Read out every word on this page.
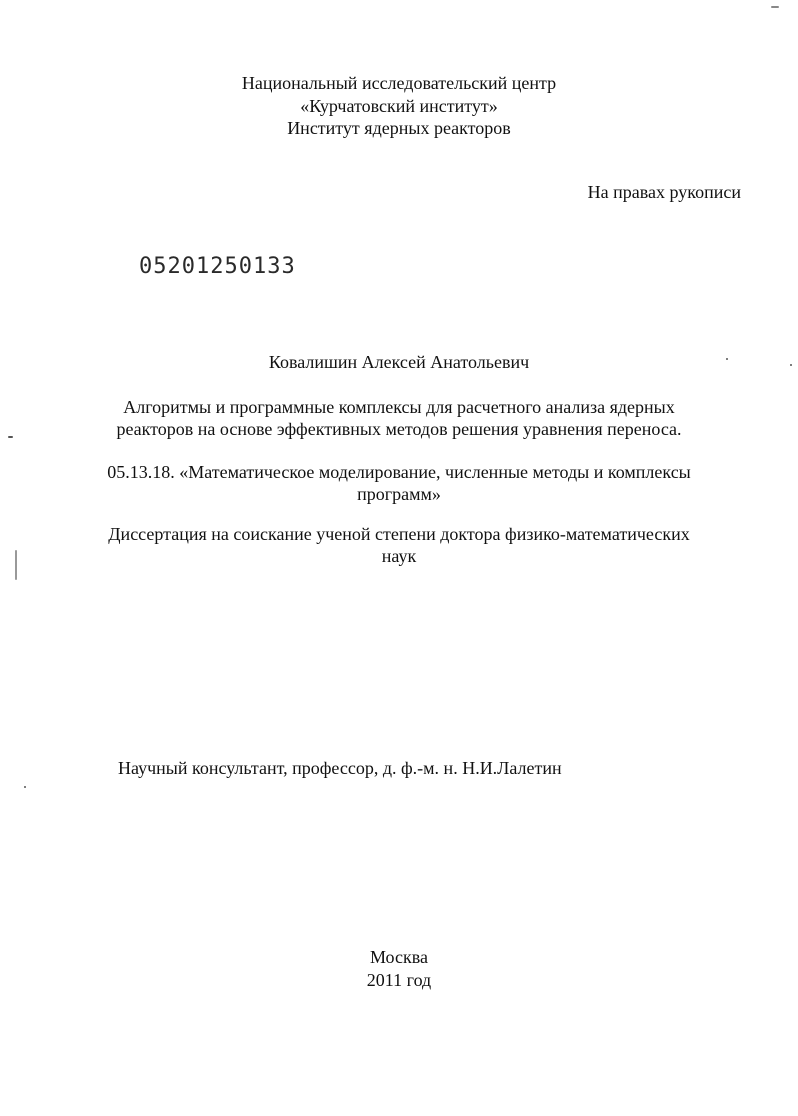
Национальный исследовательский центр
«Курчатовский институт»
Институт ядерных реакторов
На правах рукописи
05201250133
Ковалишин Алексей Анатольевич
Алгоритмы и программные комплексы для расчетного анализа ядерных
реакторов на основе эффективных методов решения уравнения переноса.
05.13.18. «Математическое моделирование, численные методы и комплексы
программ»
Диссертация на соискание ученой степени доктора физико-математических
наук
Научный консультант, профессор, д. ф.-м. н. Н.И.Лалетин
Москва
2011 год
